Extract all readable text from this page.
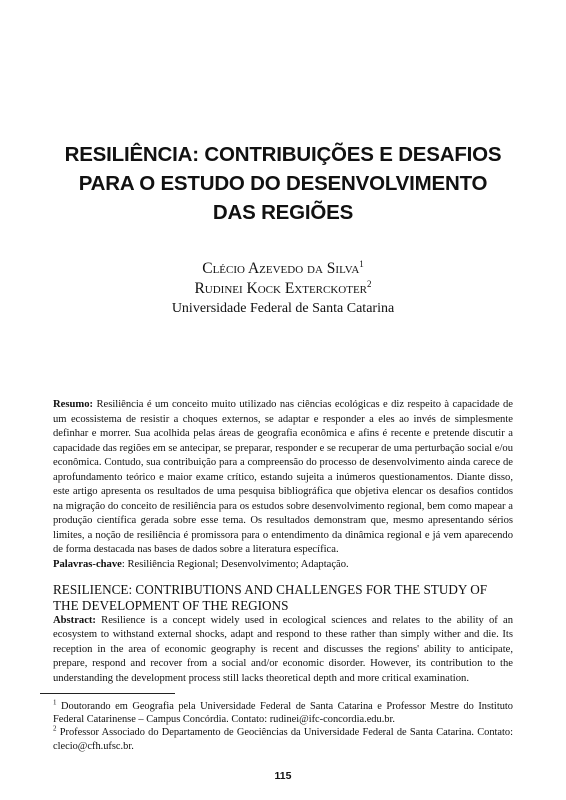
RESILIÊNCIA: CONTRIBUIÇÕES E DESAFIOS
PARA O ESTUDO DO DESENVOLVIMENTO
DAS REGIÕES
Clécio Azevedo da Silva$^1$
Rudinei Kock Exterckoter$^2$
Universidade Federal de Santa Catarina

Resumo: Resiliência é um conceito muito utilizado nas ciências ecológicas e diz respeito à capacidade de um ecossistema de resistir a choques externos, se adaptar e responder a eles ao invés de simplesmente definhar e morrer. Sua acolhida pelas áreas de geografia econômica e afins é recente e pretende discutir a capacidade das regiões em se antecipar, se preparar, responder e se recuperar de uma perturbação social e/ou econômica. Contudo, sua contribuição para a compreensão do processo de desenvolvimento ainda carece de aprofundamento teórico e maior exame crítico, estando sujeita a inúmeros questionamentos. Diante disso, este artigo apresenta os resultados de uma pesquisa bibliográfica que objetiva elencar os desafios contidos na migração do conceito de resiliência para os estudos sobre desenvolvimento regional, bem como mapear a produção científica gerada sobre esse tema. Os resultados demonstram que, mesmo apresentando sérios limites, a noção de resiliência é promissora para o entendimento da dinâmica regional e já vem aparecendo de forma destacada nas bases de dados sobre a literatura específica.

Palavras-chave: Resiliência Regional; Desenvolvimento; Adaptação.

RESILIENCE: CONTRIBUTIONS AND CHALLENGES FOR THE STUDY OF
THE DEVELOPMENT OF THE REGIONS
Abstract: Resilience is a concept widely used in ecological sciences and relates to the ability of an ecosystem to withstand external shocks, adapt and respond to these rather than simply wither and die. Its reception in the area of economic geography is recent and discusses the regions' ability to anticipate, prepare, respond and recover from a social and/or economic disorder. However, its contribution to the understanding the development process still lacks theoretical depth and more critical examination.

$^1$ Doutorando em Geografia pela Universidade Federal de Santa Catarina e Professor Mestre do Instituto Federal Catarinense – Campus Concórdia. Contato: rudinei@ifc-concordia.edu.br.

$^2$ Professor Associado do Departamento de Geociências da Universidade Federal de Santa Catarina. Contato: clecio@cfh.ufsc.br.

115
